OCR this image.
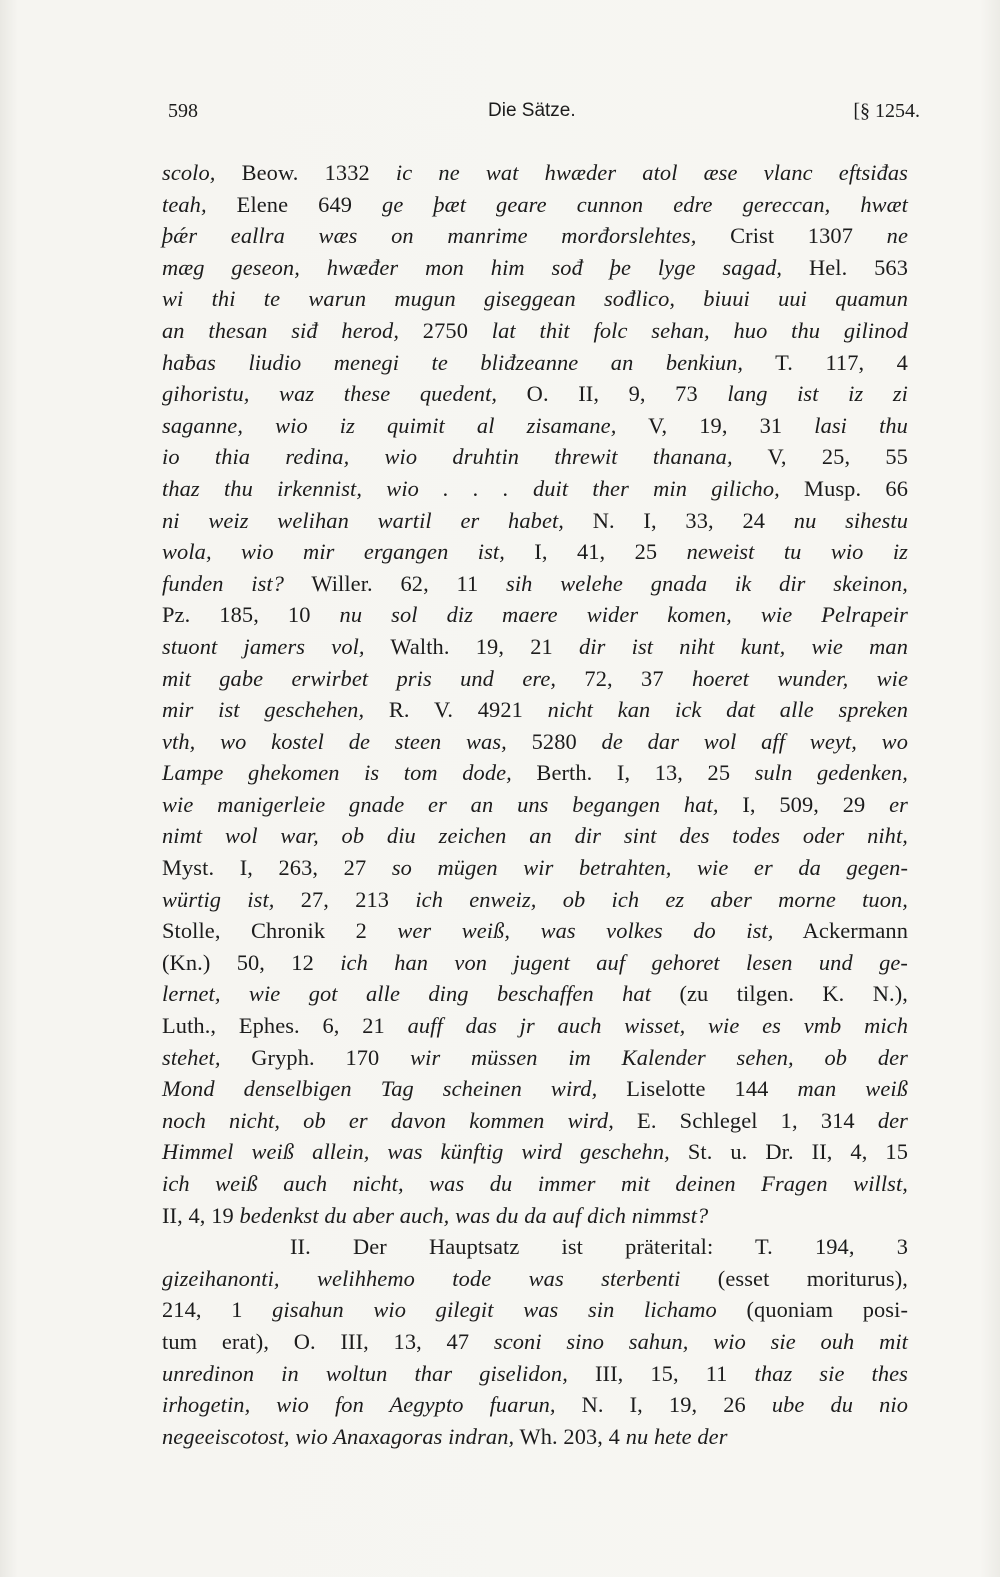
598	Die Sätze.	[§ 1254.
scolo, Beow. 1332 ic ne wat hwæder atol æse vlanc eftsiđas
teah, Elene 649 ge þæt geare cunnon edre gereccan, hwæt
þǽr eallra wæs on manrime morđorslehtes, Crist 1307 ne
mæg geseon, hwæđer mon him sođ þe lyge sagad, Hel. 563
wi thi te warun mugun giseggean sođlico, biuui uui quamun
an thesan siđ herod, 2750 lat thit folc sehan, huo thu gilinod
haƀas liudio menegi te bliđzeanne an benkiun, T. 117, 4
gihoristu, waz these quedent, O. II, 9, 73 lang ist iz zi
saganne, wio iz quimit al zisamane, V, 19, 31 lasi thu
io thia redina, wio druhtin threwit thanana, V, 25, 55
thaz thu irkennist, wio . . . duit ther min gilicho, Musp. 66
ni weiz welihan wartil er habet, N. I, 33, 24 nu sihestu
wola, wio mir ergangen ist, I, 41, 25 neweist tu wio iz
funden ist? Willer. 62, 11 sih welehe gnada ik dir skeinon,
Pz. 185, 10 nu sol diz maere wider komen, wie Pelrapeir
stuont jamers vol, Walth. 19, 21 dir ist niht kunt, wie man
mit gabe erwirbet pris und ere, 72, 37 hoeret wunder, wie
mir ist geschehen, R. V. 4921 nicht kan ick dat alle spreken
vth, wo kostel de steen was, 5280 de dar wol aff weyt, wo
Lampe ghekomen is tom dode, Berth. I, 13, 25 suln gedenken,
wie manigerleie gnade er an uns begangen hat, I, 509, 29 er
nimt wol war, ob diu zeichen an dir sint des todes oder niht,
Myst. I, 263, 27 so mügen wir betrahten, wie er da gegen-
würtig ist, 27, 213 ich enweiz, ob ich ez aber morne tuon,
Stolle, Chronik 2 wer weiß, was volkes do ist, Ackermann
(Kn.) 50, 12 ich han von jugent auf gehoret lesen und ge-
lernet, wie got alle ding beschaffen hat (zu tilgen. K. N.),
Luth., Ephes. 6, 21 auff das jr auch wisset, wie es vmb mich
stehet, Gryph. 170 wir müssen im Kalender sehen, ob der
Mond denselbigen Tag scheinen wird, Liselotte 144 man weiß
noch nicht, ob er davon kommen wird, E. Schlegel 1, 314 der
Himmel weiß allein, was künftig wird geschehn, St. u. Dr. II, 4, 15
ich weiß auch nicht, was du immer mit deinen Fragen willst,
II, 4, 19 bedenkst du aber auch, was du da auf dich nimmst?
II. Der Hauptsatz ist präterital: T. 194, 3
gizeihanonti, welihhemo tode was sterbenti (esset moriturus),
214, 1 gisahun wio gilegit was sin lichamo (quoniam posi-
tum erat), O. III, 13, 47 sconi sino sahun, wio sie ouh mit
unredinon in woltun thar giselidon, III, 15, 11 thaz sie thes
irhogetin, wio fon Aegypto fuarun, N. I, 19, 26 ube du nio
negeeiscotost, wio Anaxagoras indran, Wh. 203, 4 nu hete der
